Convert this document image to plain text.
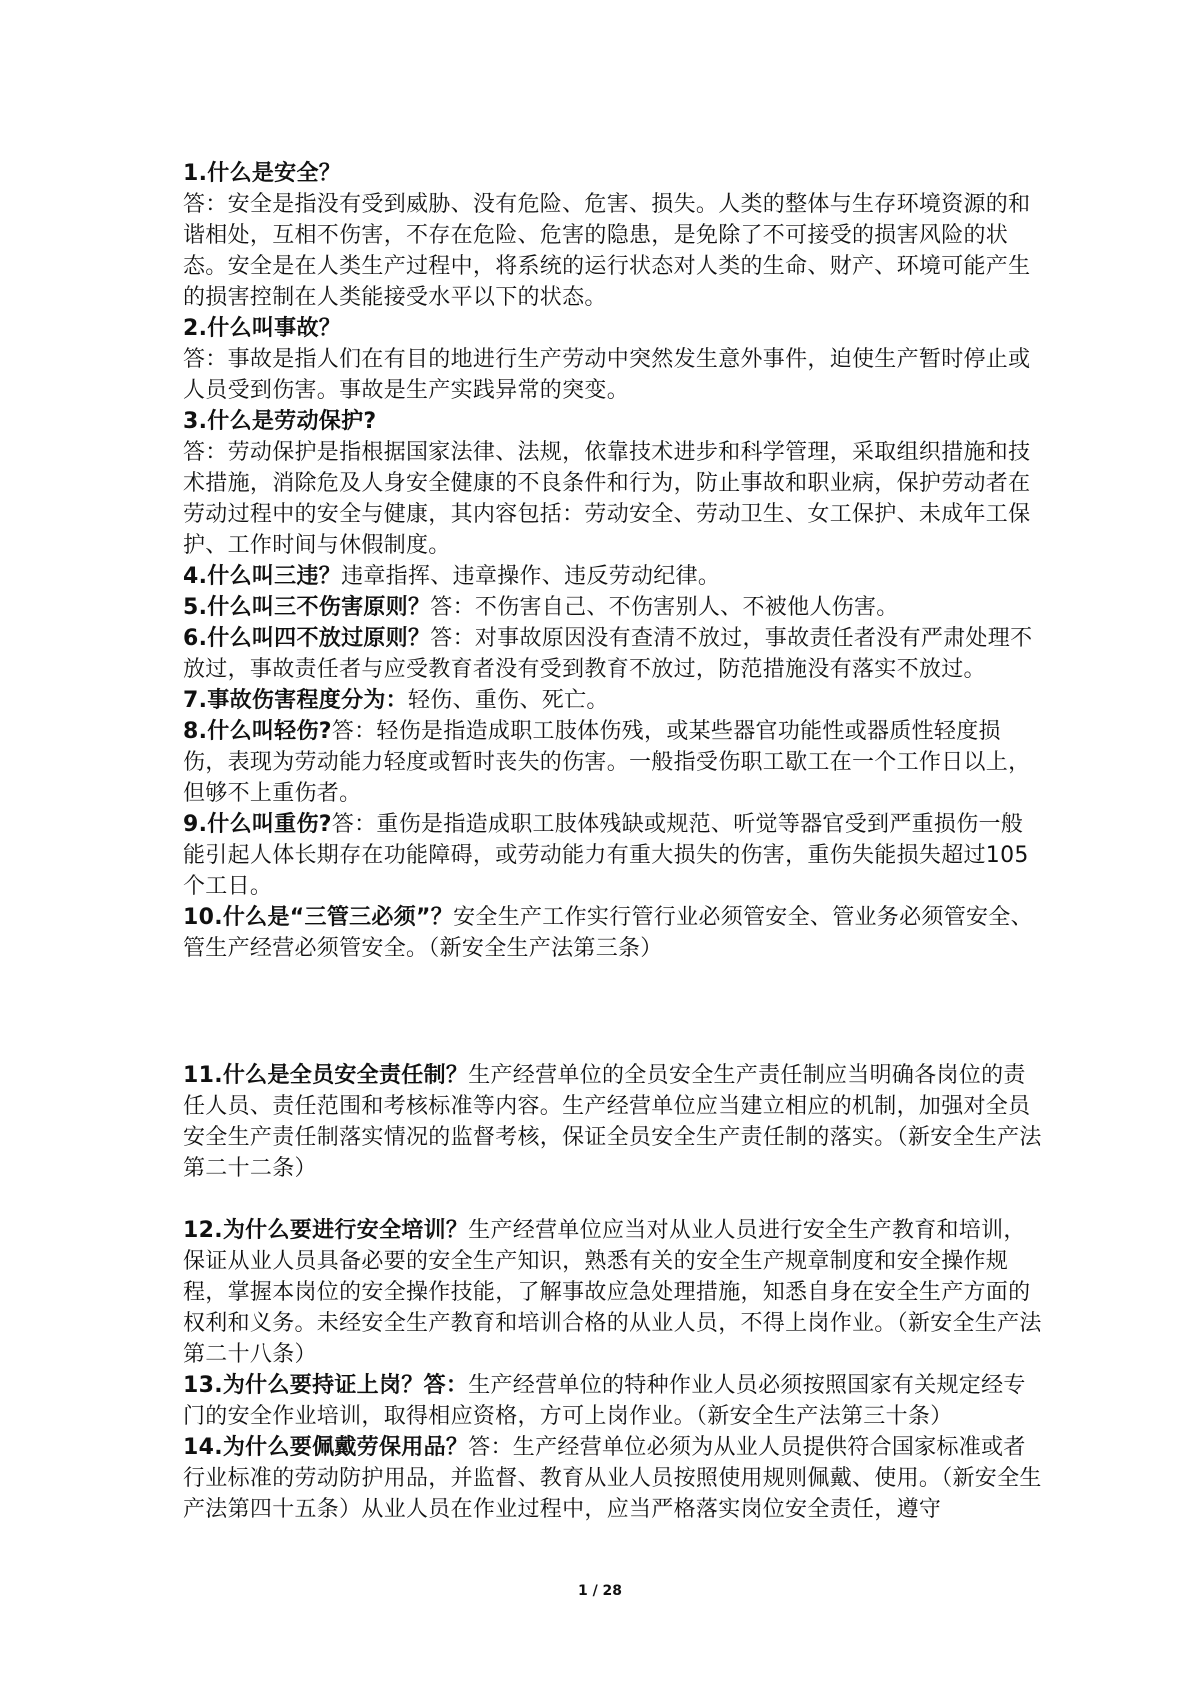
1.什么是安全？
答：安全是指没有受到威胁、没有危险、危害、损失。人类的整体与生存环境资源的和谐相处，互相不伤害，不存在危险、危害的隐患，是免除了不可接受的损害风险的状态。安全是在人类生产过程中，将系统的运行状态对人类的生命、财产、环境可能产生的损害控制在人类能接受水平以下的状态。

2.什么叫事故？
答：事故是指人们在有目的地进行生产劳动中突然发生意外事件，迫使生产暂时停止或人员受到伤害。事故是生产实践异常的突变。

3.什么是劳动保护?
答：劳动保护是指根据国家法律、法规，依靠技术进步和科学管理，采取组织措施和技术措施，消除危及人身安全健康的不良条件和行为，防止事故和职业病，保护劳动者在劳动过程中的安全与健康，其内容包括：劳动安全、劳动卫生、女工保护、未成年工保护、工作时间与休假制度。

4.什么叫三违？违章指挥、违章操作、违反劳动纪律。

5.什么叫三不伤害原则？答：不伤害自己、不伤害别人、不被他人伤害。

6.什么叫四不放过原则？答：对事故原因没有查清不放过，事故责任者没有严肃处理不放过，事故责任者与应受教育者没有受到教育不放过，防范措施没有落实不放过。

7.事故伤害程度分为：轻伤、重伤、死亡。

8.什么叫轻伤?答：轻伤是指造成职工肢体伤残，或某些器官功能性或器质性轻度损伤，表现为劳动能力轻度或暂时丧失的伤害。一般指受伤职工歇工在一个工作日以上，但够不上重伤者。

9.什么叫重伤?答：重伤是指造成职工肢体残缺或规范、听觉等器官受到严重损伤一般能引起人体长期存在功能障碍，或劳动能力有重大损失的伤害，重伤失能损失超过105个工日。

10.什么是“三管三必须”？安全生产工作实行管行业必须管安全、管业务必须管安全、管生产经营必须管安全。（新安全生产法第三条）

11.什么是全员安全责任制？生产经营单位的全员安全生产责任制应当明确各岗位的责任人员、责任范围和考核标准等内容。生产经营单位应当建立相应的机制，加强对全员安全生产责任制落实情况的监督考核，保证全员安全生产责任制的落实。（新安全生产法第二十二条）

12.为什么要进行安全培训？生产经营单位应当对从业人员进行安全生产教育和培训，保证从业人员具备必要的安全生产知识，熟悉有关的安全生产规章制度和安全操作规程，掌握本岗位的安全操作技能，了解事故应急处理措施，知悉自身在安全生产方面的权利和义务。未经安全生产教育和培训合格的从业人员，不得上岗作业。（新安全生产法第二十八条）

13.为什么要持证上岗？答：生产经营单位的特种作业人员必须按照国家有关规定经专门的安全作业培训，取得相应资格，方可上岗作业。（新安全生产法第三十条）

14.为什么要佩戴劳保用品？答：生产经营单位必须为从业人员提供符合国家标准或者行业标准的劳动防护用品，并监督、教育从业人员按照使用规则佩戴、使用。（新安全生产法第四十五条）从业人员在作业过程中，应当严格落实岗位安全责任，遵守

1 / 28
